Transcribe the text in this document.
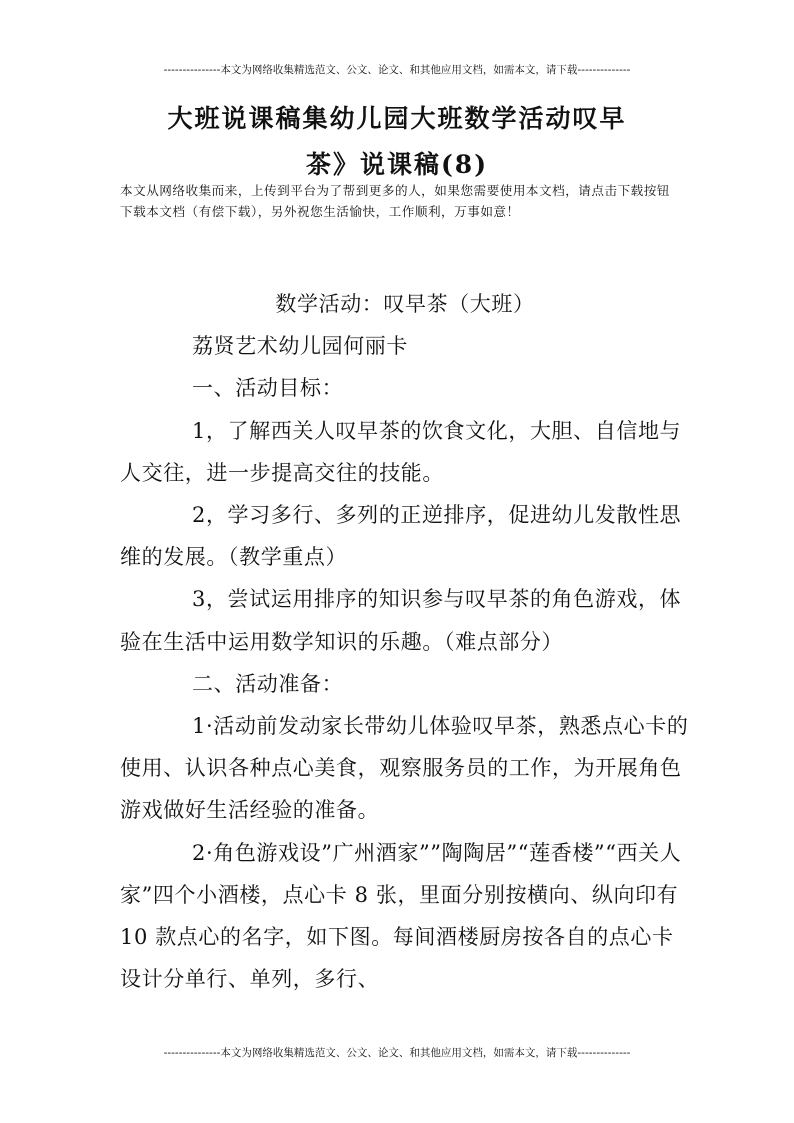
---------------本文为网络收集精选范文、公文、论文、和其他应用文档，如需本文，请下载--------------
大班说课稿集幼儿园大班数学活动叹早
茶》说课稿(8)
本文从网络收集而来，上传到平台为了帮到更多的人，如果您需要使用本文档，请点击下载按钮下载本文档（有偿下载），另外祝您生活愉快，工作顺利，万事如意！

数学活动：叹早茶（大班）

荔贤艺术幼儿园何丽卡

一、活动目标：

1，了解西关人叹早茶的饮食文化，大胆、自信地与人交往，进一步提高交往的技能。

2，学习多行、多列的正逆排序，促进幼儿发散性思维的发展。（教学重点）

3，尝试运用排序的知识参与叹早茶的角色游戏，体验在生活中运用数学知识的乐趣。（难点部分）

二、活动准备：

1·活动前发动家长带幼儿体验叹早茶，熟悉点心卡的使用、认识各种点心美食，观察服务员的工作，为开展角色游戏做好生活经验的准备。

2·角色游戏设”广州酒家””陶陶居”“莲香楼”“西关人家”四个小酒楼，点心卡 8 张，里面分别按横向、纵向印有 10 款点心的名字，如下图。每间酒楼厨房按各自的点心卡设计分单行、单列，多行、

---------------本文为网络收集精选范文、公文、论文、和其他应用文档，如需本文，请下载--------------
